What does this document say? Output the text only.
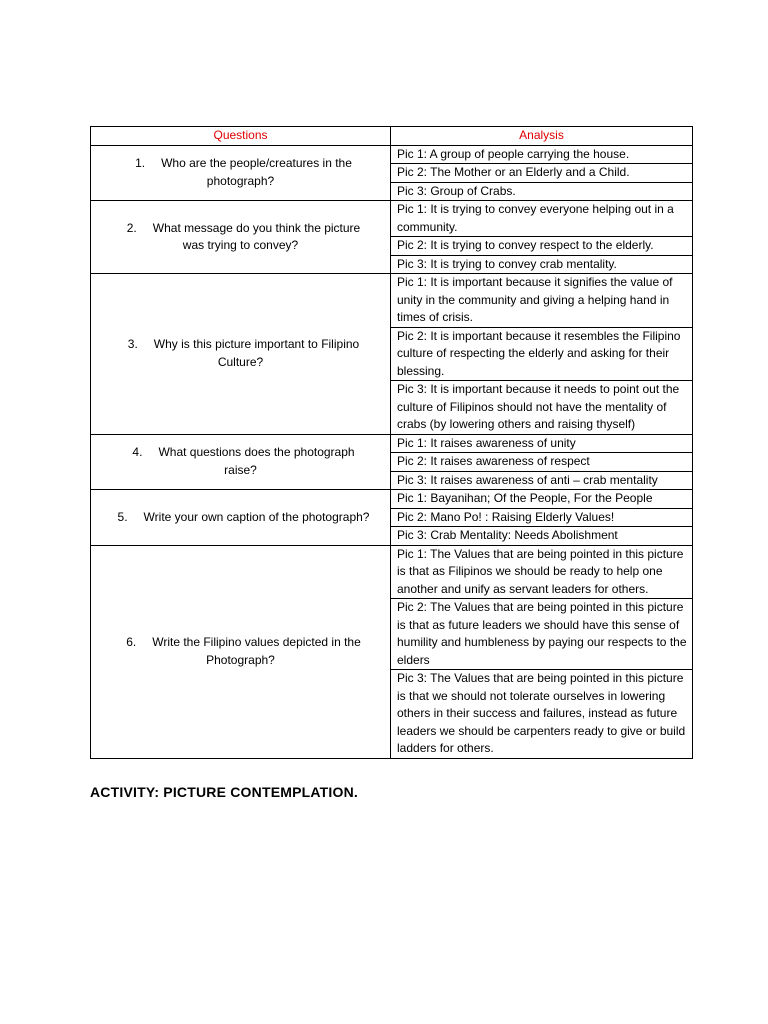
Questions	Analysis
1. Who are the people/creatures in the photograph?	Pic 1: A group of people carrying the house.
	Pic 2: The Mother or an Elderly and a Child.
	Pic 3: Group of Crabs.
2. What message do you think the picture was trying to convey?	Pic 1: It is trying to convey everyone helping out in a community.
	Pic 2: It is trying to convey respect to the elderly.
	Pic 3: It is trying to convey crab mentality.
3. Why is this picture important to Filipino Culture?	Pic 1: It is important because it signifies the value of unity in the community and giving a helping hand in times of crisis.
	Pic 2: It is important because it resembles the Filipino culture of respecting the elderly and asking for their blessing.
	Pic 3: It is important because it needs to point out the culture of Filipinos should not have the mentality of crabs (by lowering others and raising thyself)
4. What questions does the photograph raise?	Pic 1: It raises awareness of unity
	Pic 2: It raises awareness of respect
	Pic 3: It raises awareness of anti – crab mentality
5. Write your own caption of the photograph?	Pic 1: Bayanihan; Of the People, For the People
	Pic 2: Mano Po! : Raising Elderly Values!
	Pic 3: Crab Mentality: Needs Abolishment
6. Write the Filipino values depicted in the Photograph?	Pic 1: The Values that are being pointed in this picture is that as Filipinos we should be ready to help one another and unify as servant leaders for others.
	Pic 2: The Values that are being pointed in this picture is that as future leaders we should have this sense of humility and humbleness by paying our respects to the elders
	Pic 3: The Values that are being pointed in this picture is that we should not tolerate ourselves in lowering others in their success and failures, instead as future leaders we should be carpenters ready to give or build ladders for others.
ACTIVITY: PICTURE CONTEMPLATION.
